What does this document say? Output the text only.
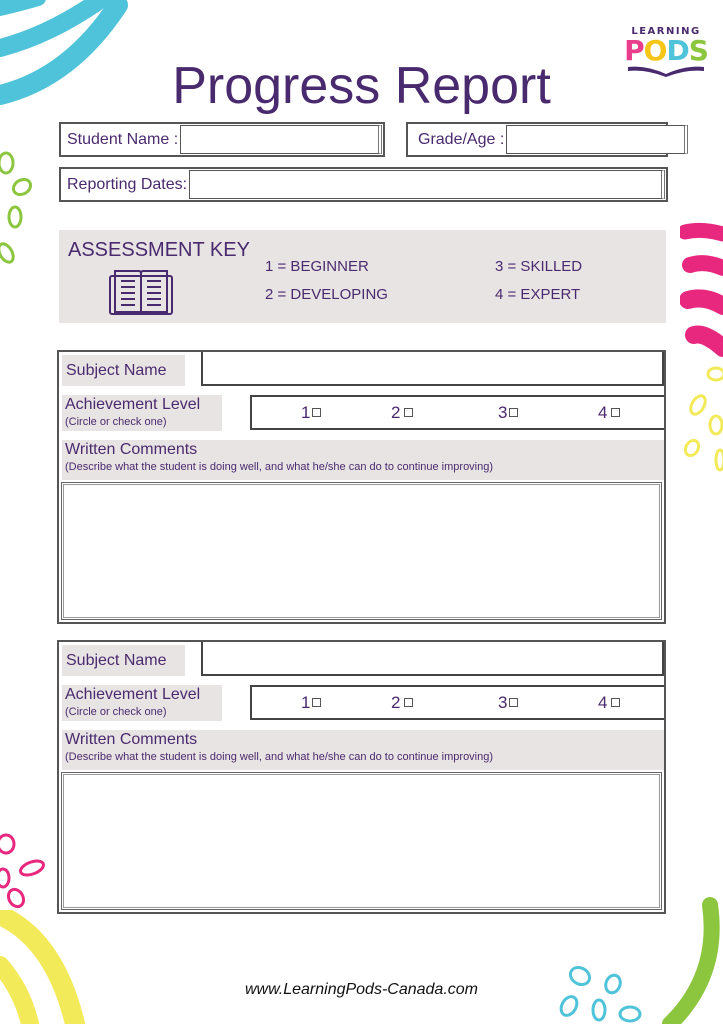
LEARNING
PODS
Progress Report
Student Name :	Grade/Age :
Reporting Dates:
ASSESSMENT KEY
1 = BEGINNER
2 = DEVELOPING
3 = SKILLED
4 = EXPERT
Subject Name
Achievement Level
(Circle or check one)
1	2	3	4
Written Comments
(Describe what the student is doing well, and what he/she can do to continue improving)
Subject Name
Achievement Level
(Circle or check one)
1	2	3	4
Written Comments
(Describe what the student is doing well, and what he/she can do to continue improving)
www.LearningPods-Canada.com
